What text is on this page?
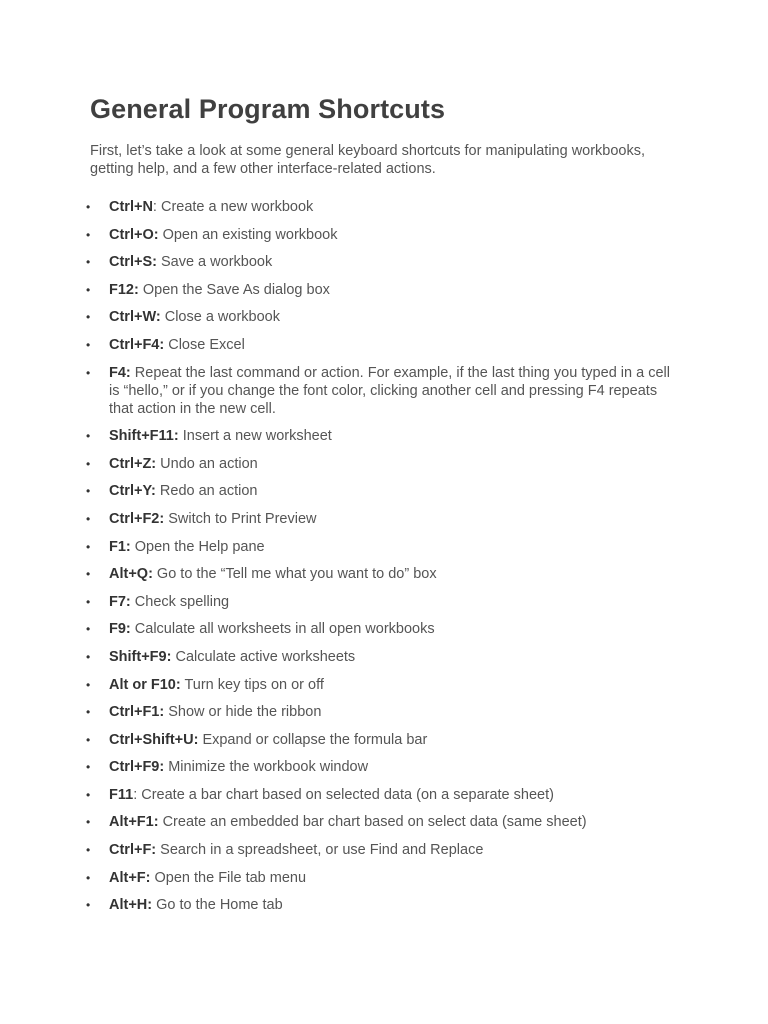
General Program Shortcuts

First, let’s take a look at some general keyboard shortcuts for manipulating workbooks, getting help, and a few other interface-related actions.

• Ctrl+N: Create a new workbook
• Ctrl+O: Open an existing workbook
• Ctrl+S: Save a workbook
• F12: Open the Save As dialog box
• Ctrl+W: Close a workbook
• Ctrl+F4: Close Excel
• F4: Repeat the last command or action. For example, if the last thing you typed in a cell is “hello,” or if you change the font color, clicking another cell and pressing F4 repeats that action in the new cell.
• Shift+F11: Insert a new worksheet
• Ctrl+Z: Undo an action
• Ctrl+Y: Redo an action
• Ctrl+F2: Switch to Print Preview
• F1: Open the Help pane
• Alt+Q: Go to the “Tell me what you want to do” box
• F7: Check spelling
• F9: Calculate all worksheets in all open workbooks
• Shift+F9: Calculate active worksheets
• Alt or F10: Turn key tips on or off
• Ctrl+F1: Show or hide the ribbon
• Ctrl+Shift+U: Expand or collapse the formula bar
• Ctrl+F9: Minimize the workbook window
• F11: Create a bar chart based on selected data (on a separate sheet)
• Alt+F1: Create an embedded bar chart based on select data (same sheet)
• Ctrl+F: Search in a spreadsheet, or use Find and Replace
• Alt+F: Open the File tab menu
• Alt+H: Go to the Home tab
